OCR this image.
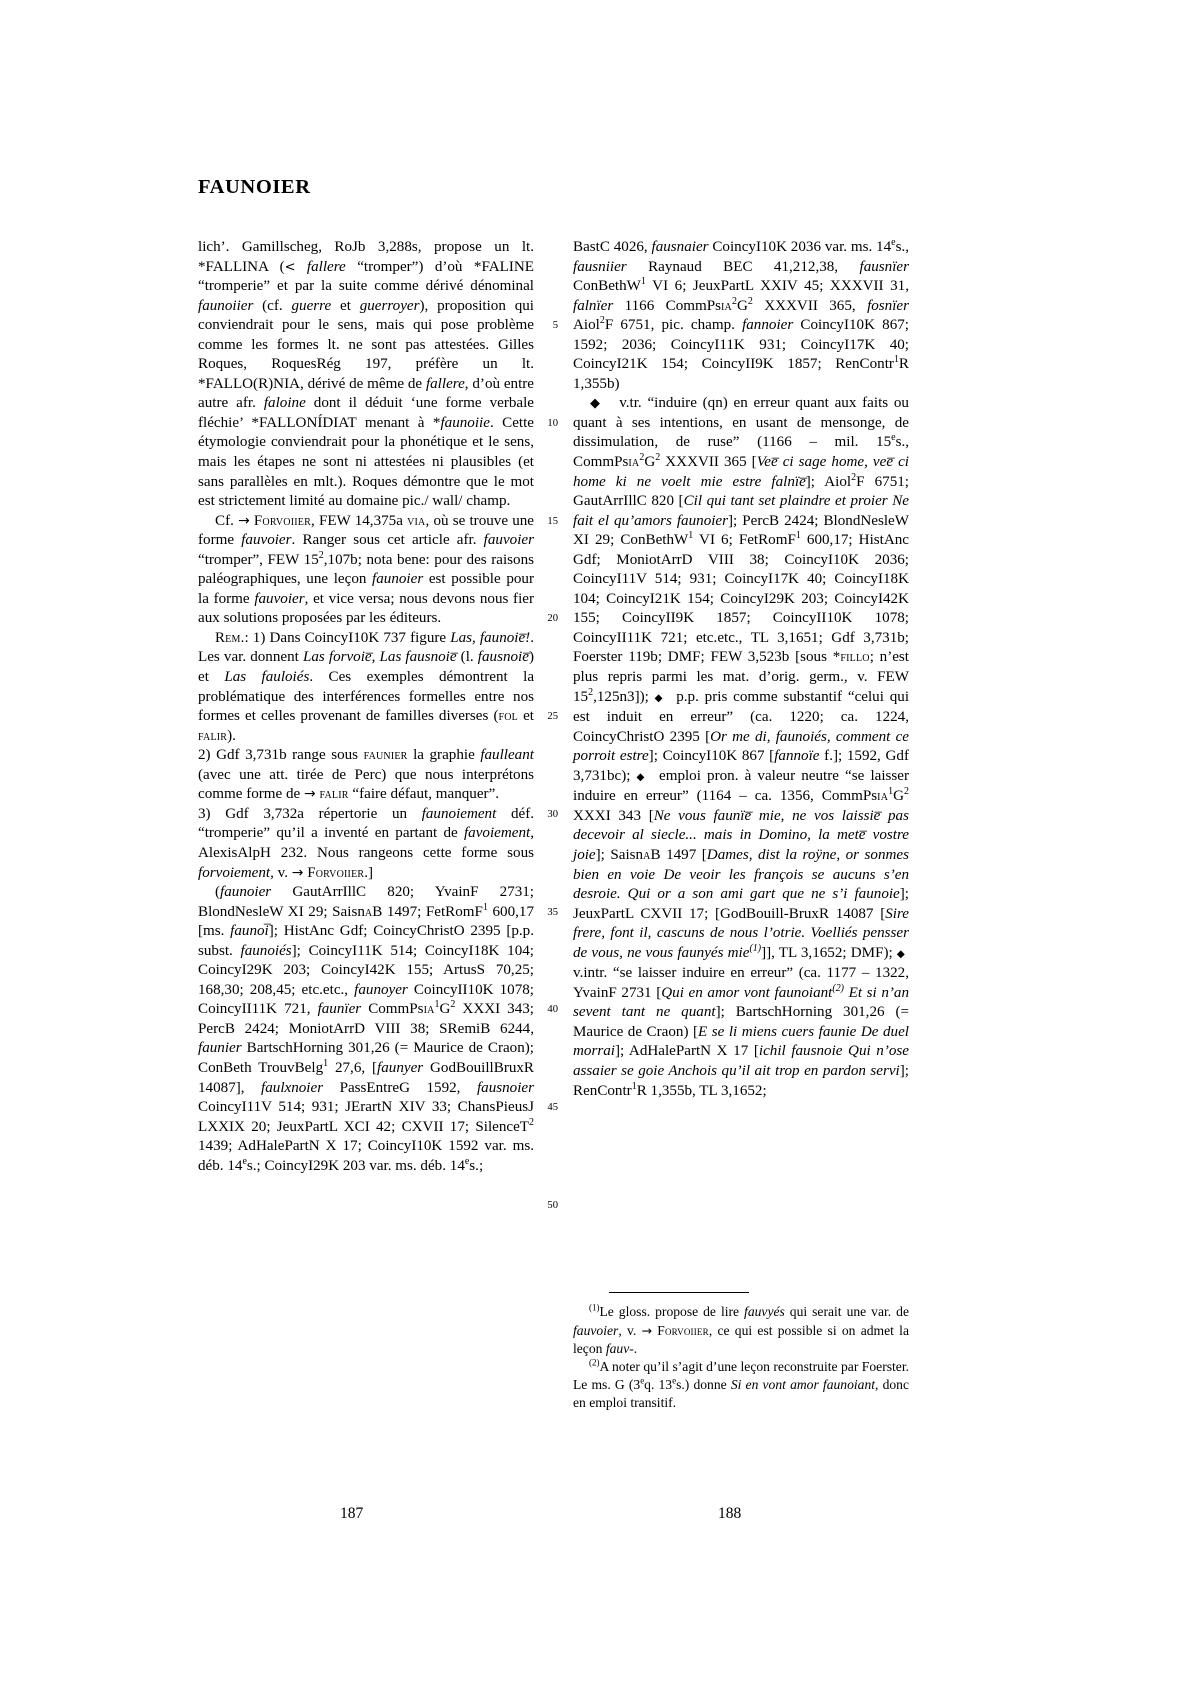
FAUNOIER

lich’. Gamillscheg, RoJb 3,288s, propose un lt. *FALLINA (< fallere “tromper”) d’où *FALINE “tromperie” et par la suite comme dérivé dénominal faunoiier (cf. guerre et guerroyer), proposition qui conviendrait pour le sens, mais qui pose problème comme les formes lt. ne sont pas attestées. Gilles Roques, RoquesRég 197, préfère un lt. *FALLO(R)NIA, dérivé de même de fallere, d’où entre autre afr. faloine dont il déduit ‘une forme verbale fléchie’ *FALLONÍDIAT menant à *faunoiie. Cette étymologie conviendrait pour la phonétique et le sens, mais les étapes ne sont ni attestées ni plausibles (et sans parallèles en mlt.). Roques démontre que le mot est strictement limité au domaine pic./ wall/ champ.

Cf. → Forvoiier, FEW 14,375a via, où se trouve une forme fauvoier. Ranger sous cet article afr. fauvoier “tromper”, FEW $15^2,107b$; nota bene: pour des raisons paléographiques, une leçon faunoier est possible pour la forme fauvoier, et vice versa; nous devons nous fier aux solutions proposées par les éditeurs.

Rem.: 1) Dans CoincyI10K 737 figure Las, faunoie̅!. Les var. donnent Las forvoie̅, Las fausnoie̅ (l. fausnoie̅) et Las fauloiés. Ces exemples démontrent la problématique des interférences formelles entre nos formes et celles provenant de familles diverses (fol et falir).

2) Gdf 3,731b range sous faunier la graphie faulleant (avec une att. tirée de Perc) que nous interprétons comme forme de → falir “faire défaut, manquer”.

3) Gdf 3,732a répertorie un faunoiement déf. “tromperie” qu’il a inventé en partant de favoiement, AlexisAlpH 232. Nous rangeons cette forme sous forvoiement, v. → Forvoiier.]

(faunoier GautArrIllC 820; YvainF 2731; BlondNesleW XI 29; SaisnaB 1497; FetRomF$^1$ 600,17 [ms. faunoi̅]; HistAnc Gdf; CoincyChristO 2395 [p.p. subst. faunoiés]; CoincyI11K 514; CoincyI18K 104; CoincyI29K 203; CoincyI42K 155; ArtusS 70,25; 168,30; 208,45; etc.etc., faunoyer CoincyII10K 1078; CoincyII11K 721, faunïer $CommPsia^1G^2$ XXXI 343; PercB 2424; MoniotArrD VIII 38; SRemiB 6244, faunier BartschHorning 301,26 (= Maurice de Craon); ConBeth TrouvBelg$^1$ 27,6, [faunyer GodBouillBruxR 14087], faulxnoier PassEntreG 1592, fausnoier CoincyI11V 514; 931; JErartN XIV 33; ChansPieusJ LXXIX 20; JeuxPartL XCI 42; CXVII 17; SilenceT$^2$ 1439; AdHalePartN X 17; CoincyI10K 1592 var. ms. déb. 14es.; CoincyI29K 203 var. ms. déb. 14es.;

5
10
15
20
25
30
35
40
45
50

BastC 4026, fausnaier CoincyI10K 2036 var. ms. 14es., fausniier Raynaud BEC 41,212,38, fausnïer ConBethW$^1$ VI 6; JeuxPartL XXIV 45; XXXVII 31, falnïer 1166 $CommPsia^2G^2$ XXXVII 365, fosnïer Aiol$^2$F 6751, pic. champ. fannoier CoincyI10K 867; 1592; 2036; CoincyI11K 931; CoincyI17K 40; CoincyI21K 154; CoincyII9K 1857; RenContr$^1$R 1,355b)

◆   v.tr. “induire (qn) en erreur quant aux faits ou quant à ses intentions, en usant de mensonge, de dissimulation, de ruse” (1166 – mil. 15es., $CommPsia^2G^2$ XXXVII 365 [Vee̅ ci sage home, vee̅ ci home ki ne voelt mie estre falnïe̅]; Aiol$^2$F 6751; GautArrIllC 820 [Cil qui tant set plaindre et proier Ne fait el qu’amors faunoier]; PercB 2424; BlondNesleW XI 29; ConBethW$^1$ VI 6; FetRomF$^1$ 600,17; HistAnc Gdf; MoniotArrD VIII 38; CoincyI10K 2036; CoincyI11V 514; 931; CoincyI17K 40; CoincyI18K 104; CoincyI21K 154; CoincyI29K 203; CoincyI42K 155; CoincyII9K 1857; CoincyII10K 1078; CoincyII11K 721; etc.etc., TL 3,1651; Gdf 3,731b; Foerster 119b; DMF; FEW 3,523b [sous *fillo; n’est plus repris parmi les mat. d’orig. germ., v. FEW $15^2,125n3$]); ◆  p.p. pris comme substantif “celui qui est induit en erreur” (ca. 1220; ca. 1224, CoincyChristO 2395 [Or me di, faunoiés, comment ce porroit estre]; CoincyI10K 867 [fannoïe f.]; 1592, Gdf 3,731bc); ◆  emploi pron. à valeur neutre “se laisser induire en erreur” (1164 – ca. 1356, $CommPsia^1G^2$ XXXI 343 [Ne vous faunïe̅ mie, ne vos laissie̅ pas decevoir al siecle... mais in Domino, la mete̅ vostre joie]; SaisnaB 1497 [Dames, dist la roÿne, or sonmes bien en voie De veoir les françois se aucuns s’en desroie. Qui or a son ami gart que ne s’i faunoie]; JeuxPartL CXVII 17; [GodBouill-BruxR 14087 [Sire frere, font il, cascuns de nous l’otrie. Voelliés pensser de vous, ne vous faunyés mie$^{(1)}$]], TL 3,1652; DMF); ◆  v.intr. “se laisser induire en erreur” (ca. 1177 – 1322, YvainF 2731 [Qui en amor vont faunoiant$^{(2)}$ Et si n’an sevent tant ne quant]; BartschHorning 301,26 (= Maurice de Craon) [E se li miens cuers faunie De duel morrai]; AdHalePartN X 17 [ichil fausnoie Qui n’ose assaier se goie Anchois qu’il ait trop en pardon servi]; RenContr$^1$R 1,355b, TL 3,1652;

$^{(1)}$Le gloss. propose de lire fauvyés qui serait une var. de fauvoier, v. → Forvoiier, ce qui est possible si on admet la leçon fauv-.

$^{(2)}$A noter qu’il s’agit d’une leçon reconstruite par Foerster. Le ms. G (3eq. 13es.) donne Si en vont amor faunoiant, donc en emploi transitif.

187	188
